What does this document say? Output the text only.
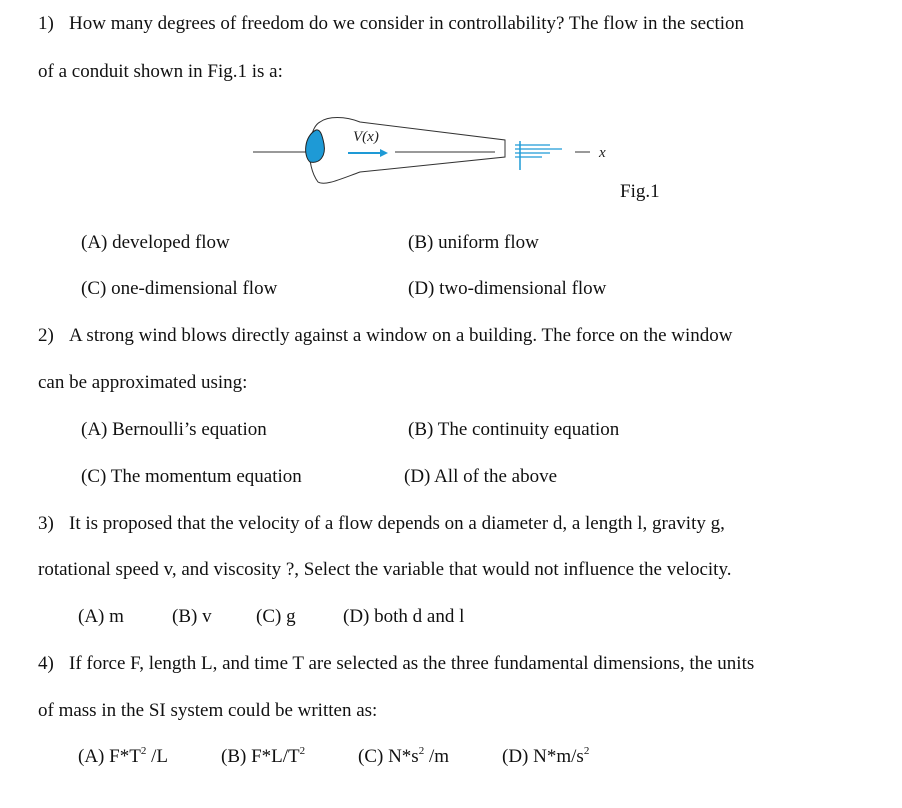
1) How many degrees of freedom do we consider in controllability? The flow in the section
of a conduit shown in Fig.1 is a:
V(x)
x
Fig.1
(A) developed flow	(B) uniform flow
(C) one-dimensional flow	(D) two-dimensional flow
2) A strong wind blows directly against a window on a building. The force on the window
can be approximated using:
(A) Bernoulli’s equation	(B) The continuity equation
(C) The momentum equation	(D) All of the above
3) It is proposed that the velocity of a flow depends on a diameter d, a length l, gravity g,
rotational speed v, and viscosity ?, Select the variable that would not influence the velocity.
(A) m	(B) v (C) g (D) both d and l
4) If force F, length L, and time T are selected as the three fundamental dimensions, the units
of mass in the SI system could be written as:
(A) $F*T^2$ /L	(B) $F*L/T^2$	(C) $N*s^2$ /m	(D) $N*m/s^2$
